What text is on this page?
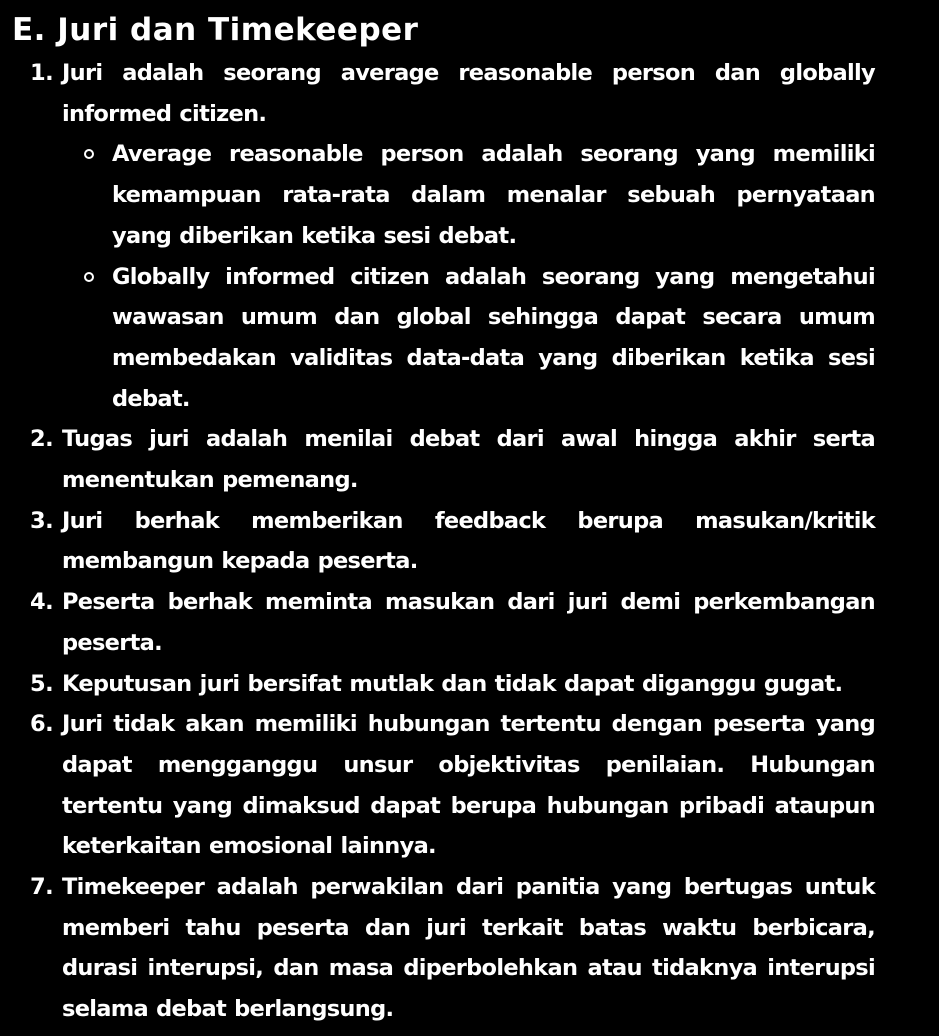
E. Juri dan Timekeeper
1. Juri adalah seorang average reasonable person dan globally informed citizen.
Average reasonable person adalah seorang yang memiliki kemampuan rata-rata dalam menalar sebuah pernyataan yang diberikan ketika sesi debat.
Globally informed citizen adalah seorang yang mengetahui wawasan umum dan global sehingga dapat secara umum membedakan validitas data-data yang diberikan ketika sesi debat.
2. Tugas juri adalah menilai debat dari awal hingga akhir serta menentukan pemenang.
3. Juri berhak memberikan feedback berupa masukan/kritik membangun kepada peserta.
4. Peserta berhak meminta masukan dari juri demi perkembangan peserta.
5. Keputusan juri bersifat mutlak dan tidak dapat diganggu gugat.
6. Juri tidak akan memiliki hubungan tertentu dengan peserta yang dapat mengganggu unsur objektivitas penilaian. Hubungan tertentu yang dimaksud dapat berupa hubungan pribadi ataupun keterkaitan emosional lainnya.
7. Timekeeper adalah perwakilan dari panitia yang bertugas untuk memberi tahu peserta dan juri terkait batas waktu berbicara, durasi interupsi, dan masa diperbolehkan atau tidaknya interupsi selama debat berlangsung.
